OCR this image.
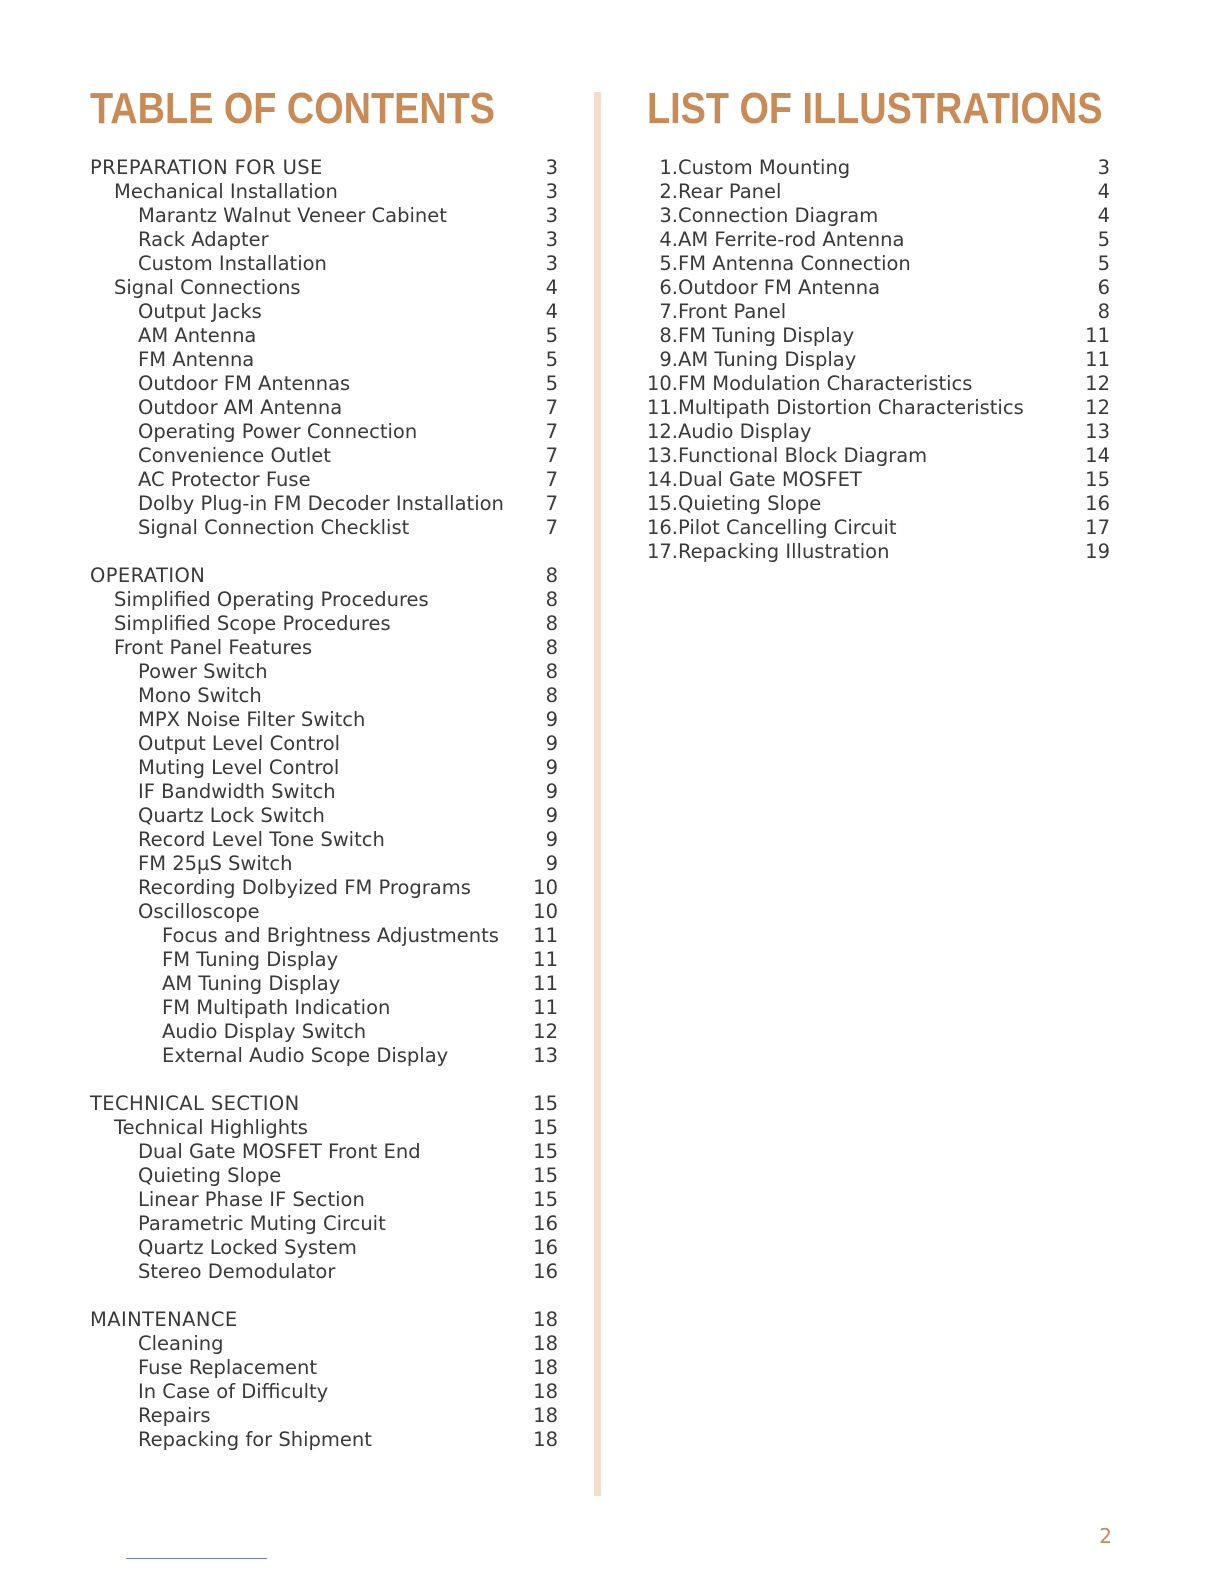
TABLE OF CONTENTS	LIST OF ILLUSTRATIONS
PREPARATION FOR USE	3
Mechanical Installation	3
Marantz Walnut Veneer Cabinet	3
Rack Adapter	3
Custom Installation	3
Signal Connections	4
Output Jacks	4
AM Antenna	5
FM Antenna	5
Outdoor FM Antennas	5
Outdoor AM Antenna	7
Operating Power Connection	7
Convenience Outlet	7
AC Protector Fuse	7
Dolby Plug-in FM Decoder Installation 7
Signal Connection Checklist	7
OPERATION	8
Simplified Operating Procedures	8
Simplified Scope Procedures	8
Front Panel Features	8
Power Switch	8
Mono Switch	8
MPX Noise Filter Switch	9
Output Level Control	9
Muting Level Control	9
IF Bandwidth Switch	9
Quartz Lock Switch	9
Record Level Tone Switch	9
FM 25µS Switch	9
Recording Dolbyized FM Programs	10
Oscilloscope	10
Focus and Brightness Adjustments 11
FM Tuning Display	11
AM Tuning Display	11
FM Multipath Indication	11
Audio Display Switch	12
External Audio Scope Display	13
TECHNICAL SECTION	15
Technical Highlights	15
Dual Gate MOSFET Front End	15
Quieting Slope	15
Linear Phase IF Section	15
Parametric Muting Circuit	16
Quartz Locked System	16
Stereo Demodulator	16
MAINTENANCE	18
Cleaning	18
Fuse Replacement	18
In Case of Difficulty	18
Repairs	18
Repacking for Shipment	18
1. Custom Mounting	3
2. Rear Panel	4
3. Connection Diagram	4
4. AM Ferrite-rod Antenna	5
5. FM Antenna Connection	5
6. Outdoor FM Antenna	6
7. Front Panel	8
8. FM Tuning Display	11
9. AM Tuning Display	11
10. FM Modulation Characteristics	12
11. Multipath Distortion Characteristics	12
12. Audio Display	13
13. Functional Block Diagram	14
14. Dual Gate MOSFET	15
15. Quieting Slope	16
16. Pilot Cancelling Circuit	17
17. Repacking Illustration	19
2
